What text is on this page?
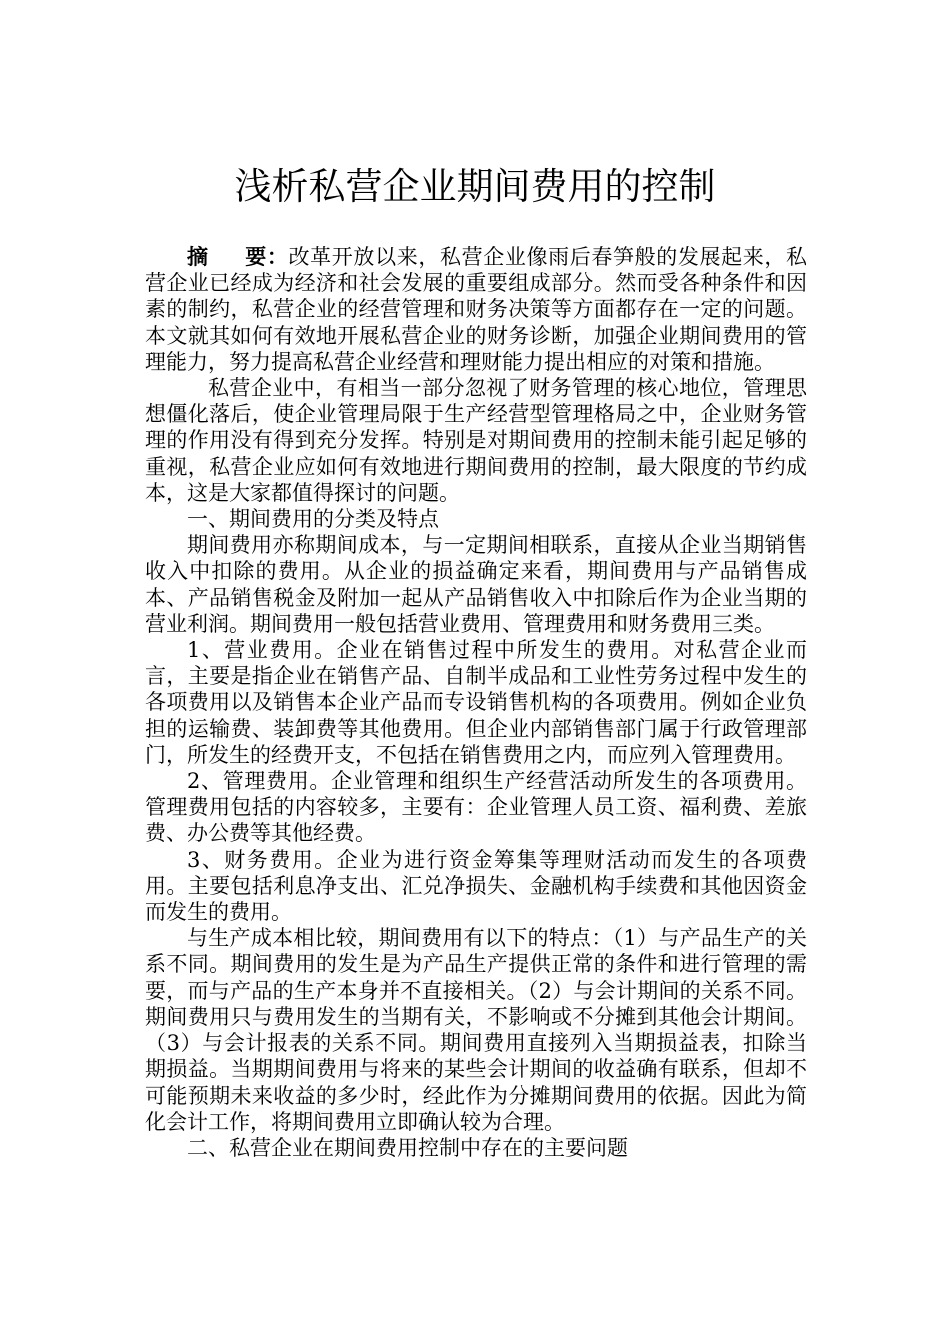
浅析私营企业期间费用的控制

摘 要：改革开放以来，私营企业像雨后春笋般的发展起来，私营企业已经成为经济和社会发展的重要组成部分。然而受各种条件和因素的制约，私营企业的经营管理和财务决策等方面都存在一定的问题。本文就其如何有效地开展私营企业的财务诊断，加强企业期间费用的管理能力，努力提高私营企业经营和理财能力提出相应的对策和措施。

私营企业中，有相当一部分忽视了财务管理的核心地位，管理思想僵化落后，使企业管理局限于生产经营型管理格局之中，企业财务管理的作用没有得到充分发挥。特别是对期间费用的控制未能引起足够的重视，私营企业应如何有效地进行期间费用的控制，最大限度的节约成本，这是大家都值得探讨的问题。

一、期间费用的分类及特点

期间费用亦称期间成本，与一定期间相联系，直接从企业当期销售收入中扣除的费用。从企业的损益确定来看，期间费用与产品销售成本、产品销售税金及附加一起从产品销售收入中扣除后作为企业当期的营业利润。期间费用一般包括营业费用、管理费用和财务费用三类。

1、营业费用。企业在销售过程中所发生的费用。对私营企业而言，主要是指企业在销售产品、自制半成品和工业性劳务过程中发生的各项费用以及销售本企业产品而专设销售机构的各项费用。例如企业负担的运输费、装卸费等其他费用。但企业内部销售部门属于行政管理部门，所发生的经费开支，不包括在销售费用之内，而应列入管理费用。

2、管理费用。企业管理和组织生产经营活动所发生的各项费用。管理费用包括的内容较多，主要有：企业管理人员工资、福利费、差旅费、办公费等其他经费。

3、财务费用。企业为进行资金筹集等理财活动而发生的各项费用。主要包括利息净支出、汇兑净损失、金融机构手续费和其他因资金而发生的费用。

与生产成本相比较，期间费用有以下的特点：（1）与产品生产的关系不同。期间费用的发生是为产品生产提供正常的条件和进行管理的需要，而与产品的生产本身并不直接相关。（2）与会计期间的关系不同。期间费用只与费用发生的当期有关，不影响或不分摊到其他会计期间。（3）与会计报表的关系不同。期间费用直接列入当期损益表，扣除当期损益。当期期间费用与将来的某些会计期间的收益确有联系，但却不可能预期未来收益的多少时，经此作为分摊期间费用的依据。因此为简化会计工作，将期间费用立即确认较为合理。

二、私营企业在期间费用控制中存在的主要问题
